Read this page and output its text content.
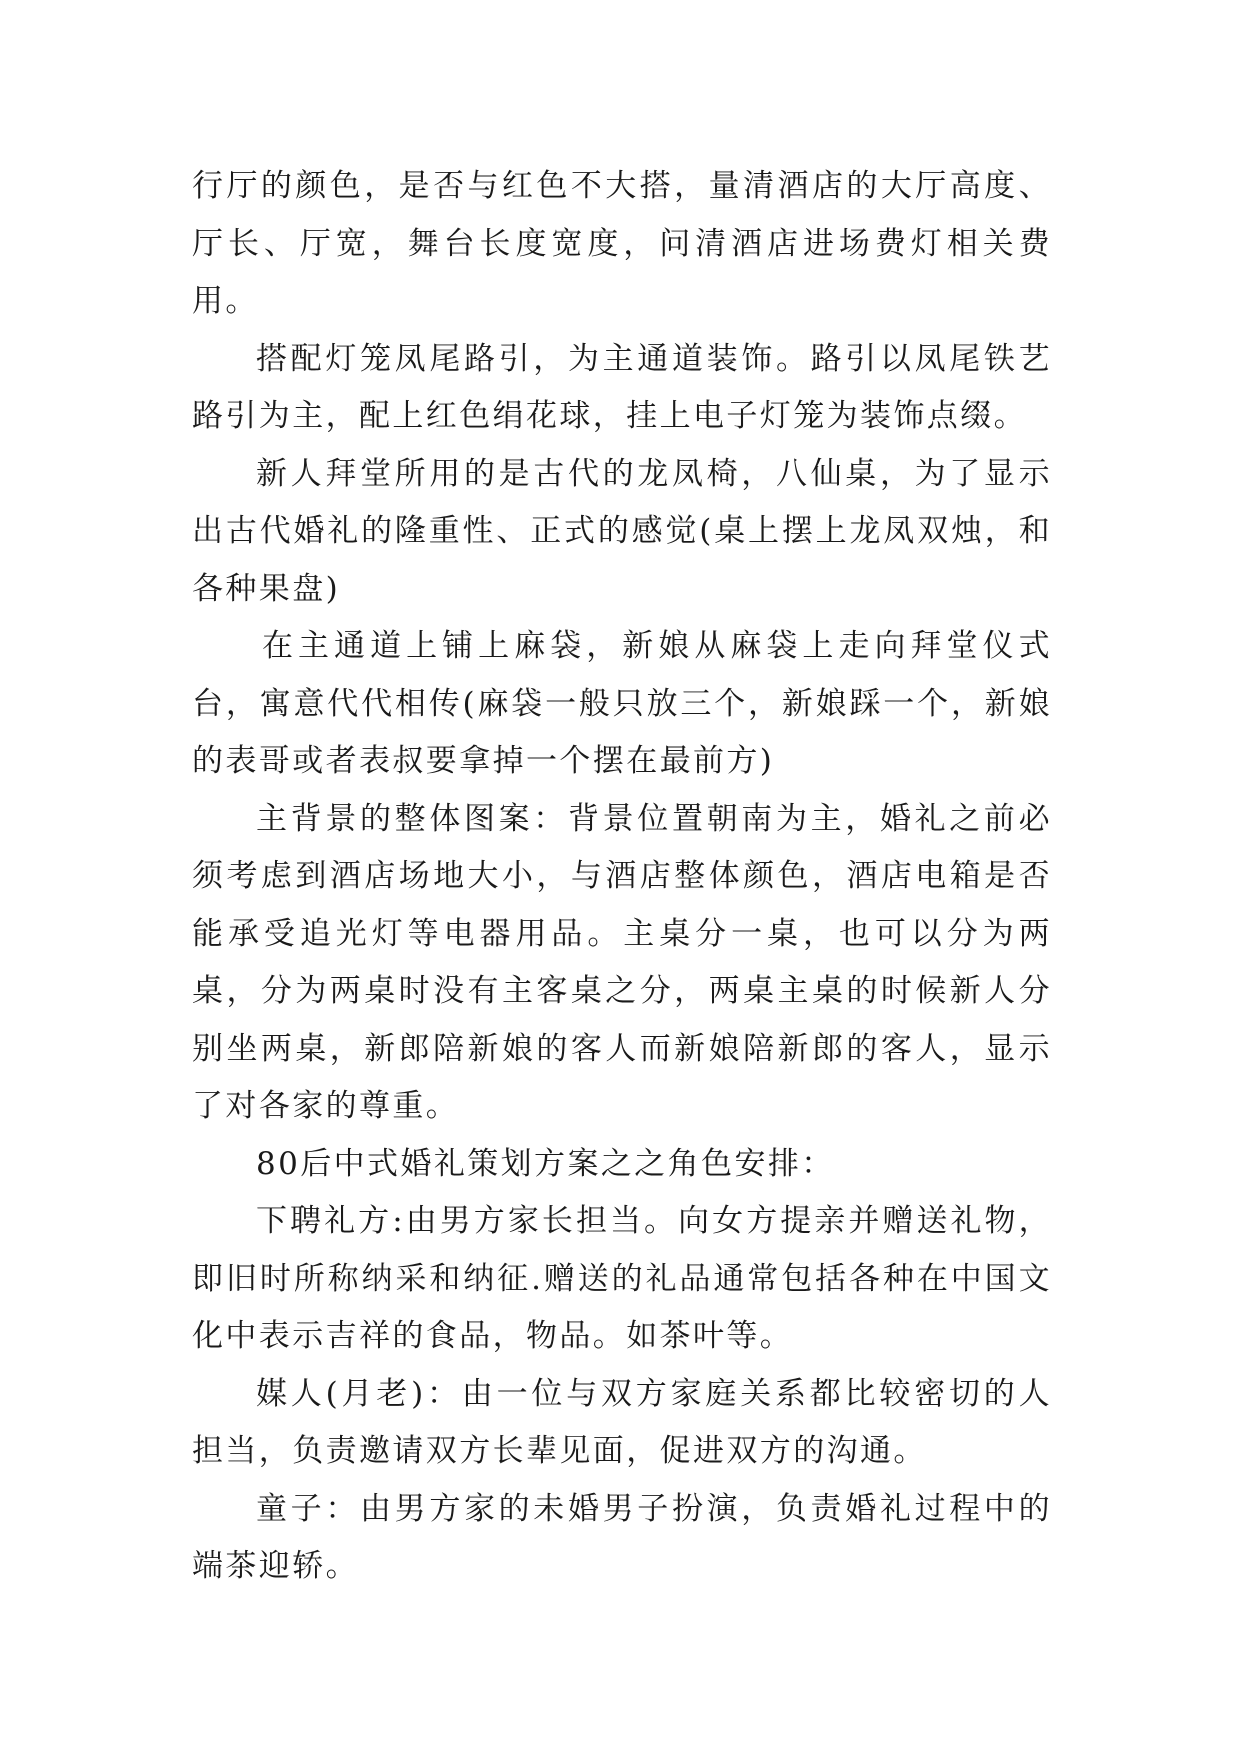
行厅的颜色，是否与红色不大搭，量清酒店的大厅高度、厅长、厅宽，舞台长度宽度，问清酒店进场费灯相关费用。

搭配灯笼凤尾路引，为主通道装饰。路引以凤尾铁艺路引为主，配上红色绢花球，挂上电子灯笼为装饰点缀。

新人拜堂所用的是古代的龙凤椅，八仙桌，为了显示出古代婚礼的隆重性、正式的感觉(桌上摆上龙凤双烛，和各种果盘)

在主通道上铺上麻袋，新娘从麻袋上走向拜堂仪式台，寓意代代相传(麻袋一般只放三个，新娘踩一个，新娘的表哥或者表叔要拿掉一个摆在最前方)

主背景的整体图案：背景位置朝南为主，婚礼之前必须考虑到酒店场地大小，与酒店整体颜色，酒店电箱是否能承受追光灯等电器用品。主桌分一桌，也可以分为两桌，分为两桌时没有主客桌之分，两桌主桌的时候新人分别坐两桌，新郎陪新娘的客人而新娘陪新郎的客人，显示了对各家的尊重。

80后中式婚礼策划方案之之角色安排：

下聘礼方:由男方家长担当。向女方提亲并赠送礼物，即旧时所称纳采和纳征.赠送的礼品通常包括各种在中国文化中表示吉祥的食品，物品。如茶叶等。

媒人(月老)：由一位与双方家庭关系都比较密切的人担当，负责邀请双方长辈见面，促进双方的沟通。

童子：由男方家的未婚男子扮演，负责婚礼过程中的端茶迎轿。
